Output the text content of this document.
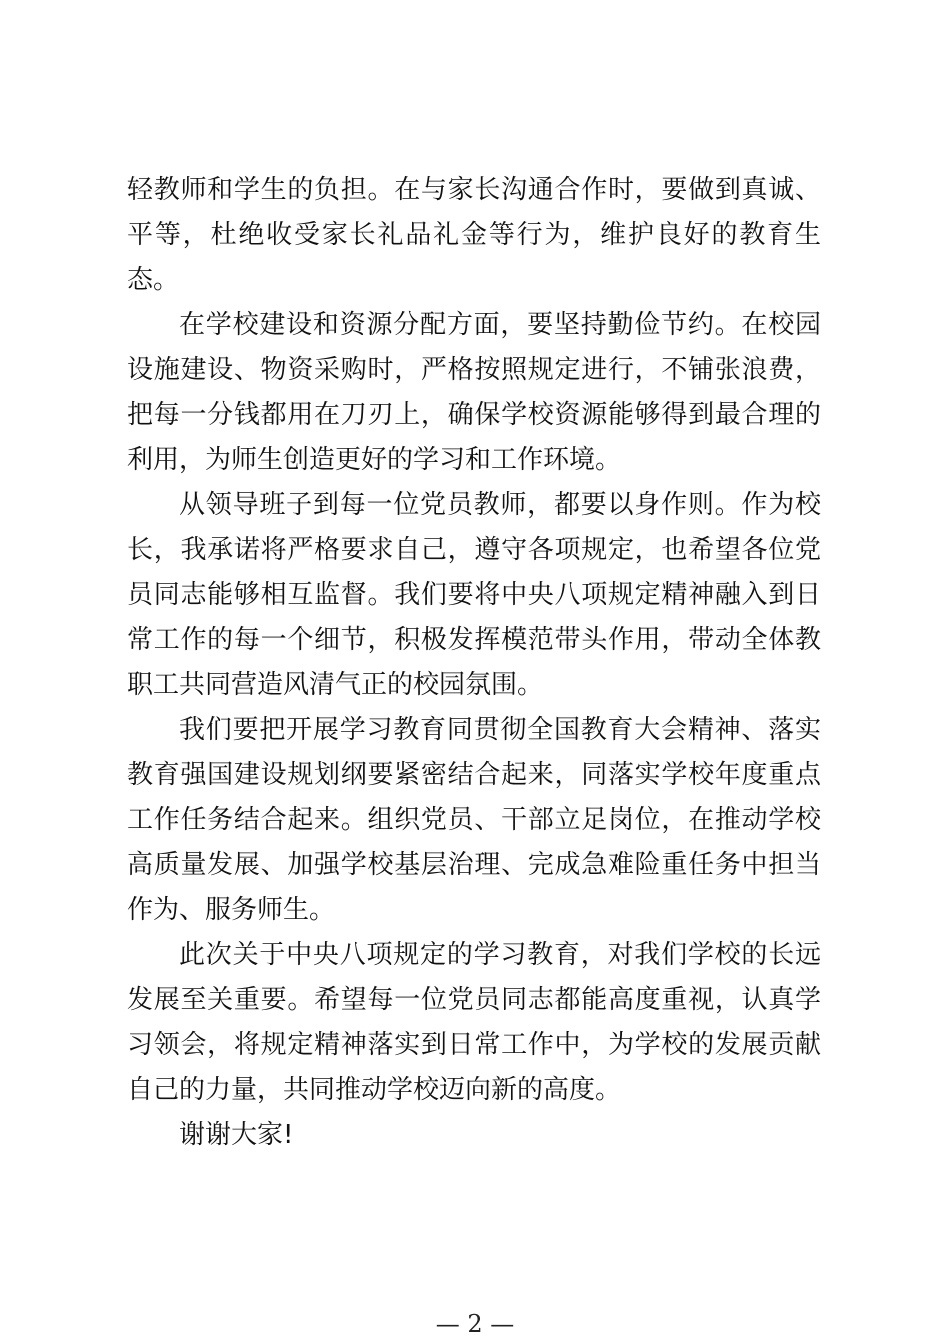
轻教师和学生的负担。在与家长沟通合作时，要做到真诚、平等，杜绝收受家长礼品礼金等行为，维护良好的教育生态。

在学校建设和资源分配方面，要坚持勤俭节约。在校园设施建设、物资采购时，严格按照规定进行，不铺张浪费，把每一分钱都用在刀刃上，确保学校资源能够得到最合理的利用，为师生创造更好的学习和工作环境。

从领导班子到每一位党员教师，都要以身作则。作为校长，我承诺将严格要求自己，遵守各项规定，也希望各位党员同志能够相互监督。我们要将中央八项规定精神融入到日常工作的每一个细节，积极发挥模范带头作用，带动全体教职工共同营造风清气正的校园氛围。

我们要把开展学习教育同贯彻全国教育大会精神、落实教育强国建设规划纲要紧密结合起来，同落实学校年度重点工作任务结合起来。组织党员、干部立足岗位，在推动学校高质量发展、加强学校基层治理、完成急难险重任务中担当作为、服务师生。

此次关于中央八项规定的学习教育，对我们学校的长远发展至关重要。希望每一位党员同志都能高度重视，认真学习领会，将规定精神落实到日常工作中，为学校的发展贡献自己的力量，共同推动学校迈向新的高度。

谢谢大家!

— 2 —
